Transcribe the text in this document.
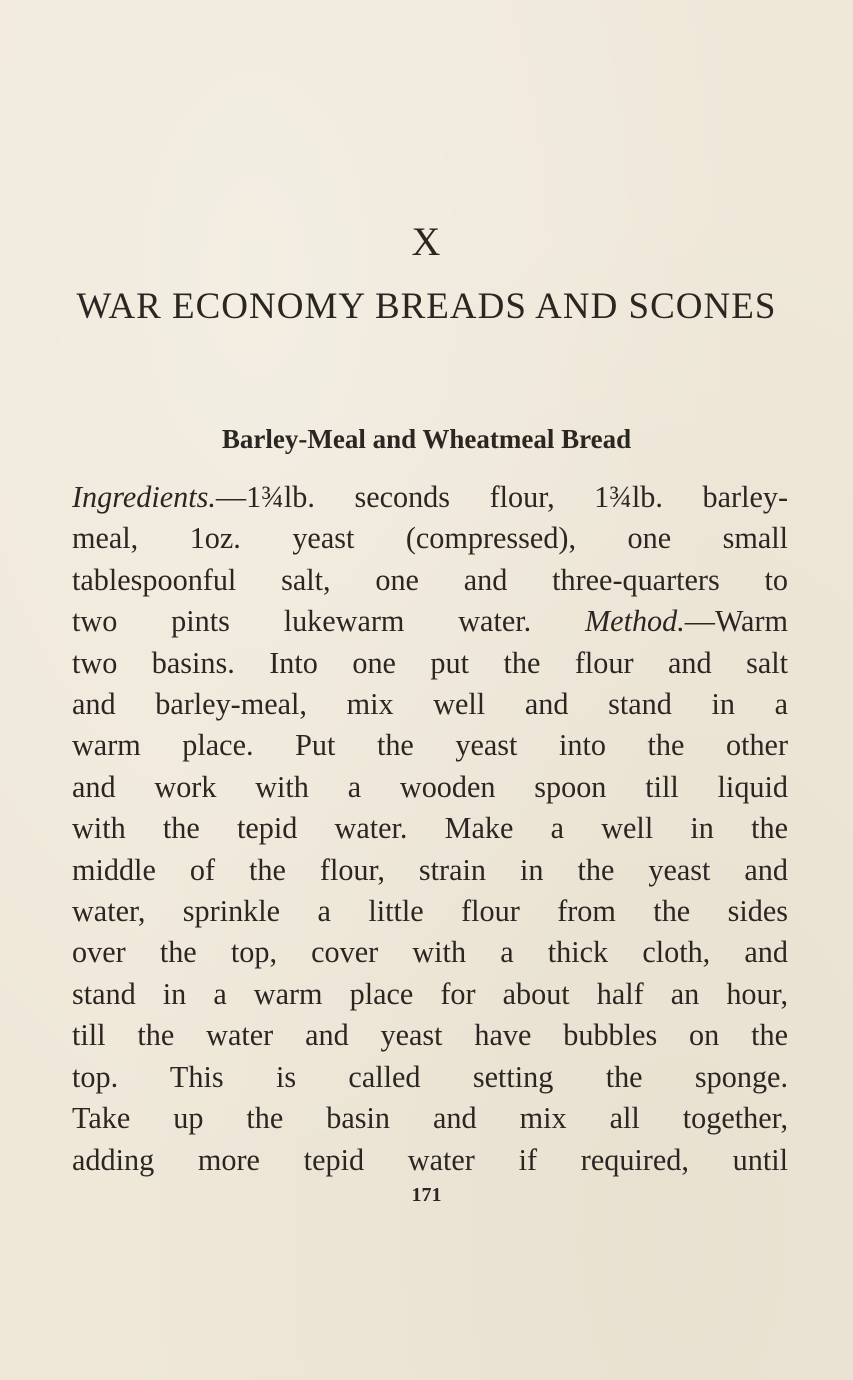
X
WAR ECONOMY BREADS AND SCONES
Barley-Meal and Wheatmeal Bread
Ingredients.—1¾lb. seconds flour, 1¾lb. barley-
meal, 1oz. yeast (compressed), one small
tablespoonful salt, one and three-quarters to
two pints lukewarm water. Method.—Warm
two basins. Into one put the flour and salt
and barley-meal, mix well and stand in a
warm place. Put the yeast into the other
and work with a wooden spoon till liquid
with the tepid water. Make a well in the
middle of the flour, strain in the yeast and
water, sprinkle a little flour from the sides
over the top, cover with a thick cloth, and
stand in a warm place for about half an hour,
till the water and yeast have bubbles on the
top. This is called setting the sponge.
Take up the basin and mix all together,
adding more tepid water if required, until
171
